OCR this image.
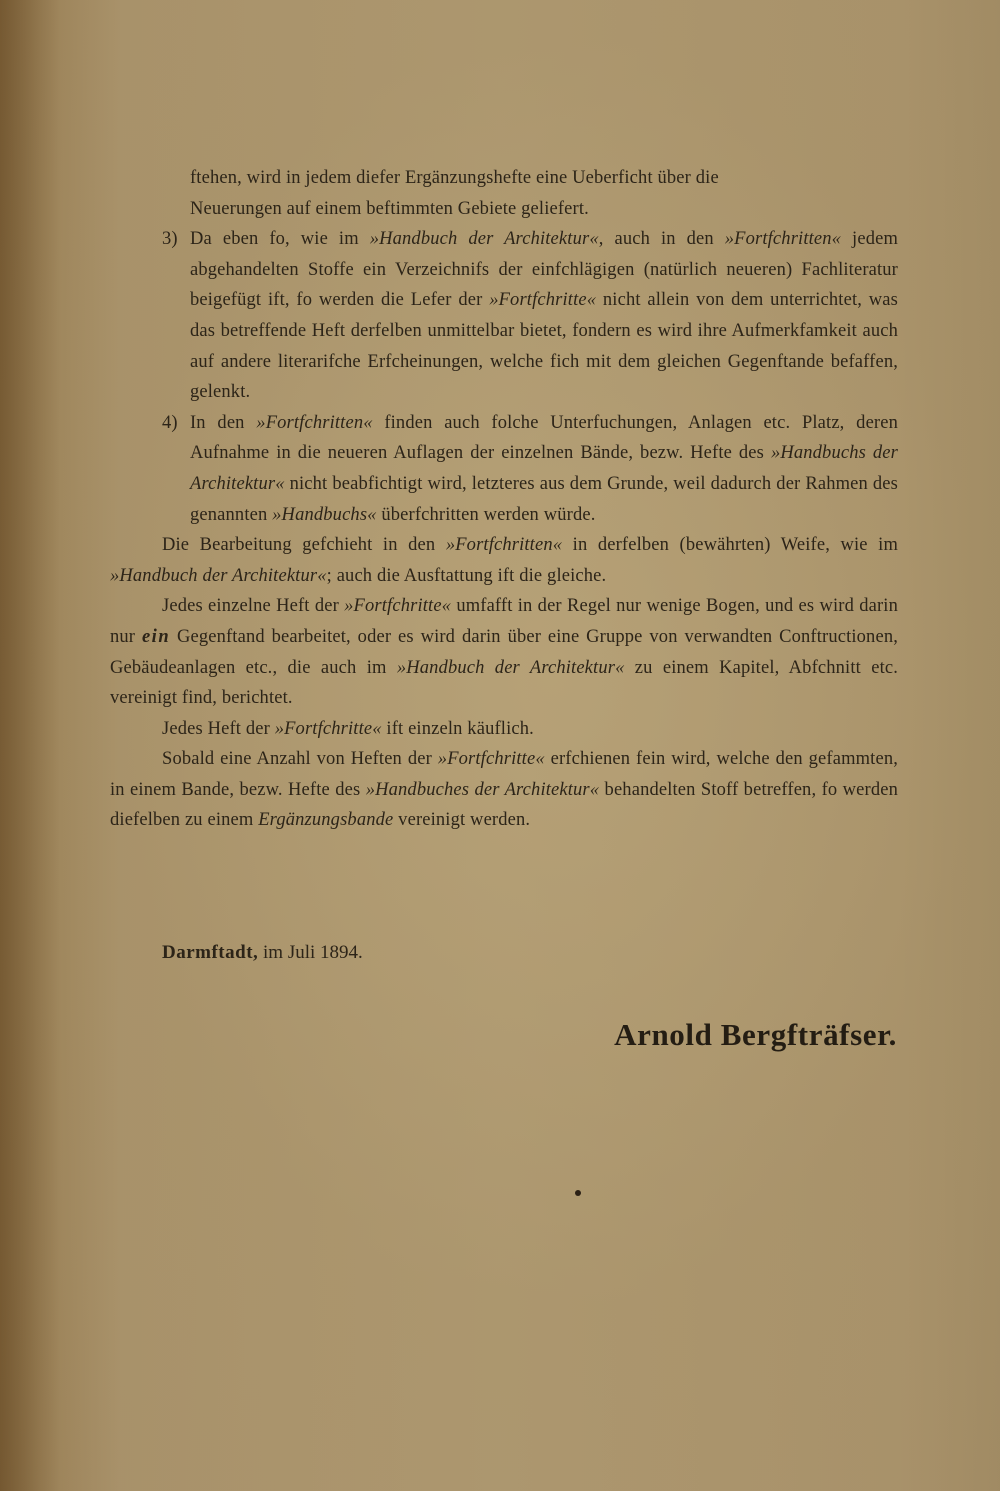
ftehen, wird in jedem diefer Ergänzungshefte eine Ueberficht über die
Neuerungen auf einem beftimmten Gebiete geliefert.

3) Da eben fo, wie im »Handbuch der Architektur«, auch in den »Fortfchritten« jedem abgehandelten Stoffe ein Verzeichnifs der einfchlägigen (natürlich neueren) Fachliteratur beigefügt ift, fo werden die Lefer der »Fortfchritte« nicht allein von dem unterrichtet, was das betreffende Heft derfelben unmittelbar bietet, fondern es wird ihre Aufmerkfamkeit auch auf andere literarifche Erfcheinungen, welche fich mit dem gleichen Gegenftande befaffen, gelenkt.

4) In den »Fortfchritten« finden auch folche Unterfuchungen, Anlagen etc. Platz, deren Aufnahme in die neueren Auflagen der einzelnen Bände, bezw. Hefte des »Handbuchs der Architektur« nicht beabfichtigt wird, letzteres aus dem Grunde, weil dadurch der Rahmen des genannten »Handbuchs« überfchritten werden würde.

Die Bearbeitung gefchieht in den »Fortfchritten« in derfelben (bewährten) Weife, wie im »Handbuch der Architektur«; auch die Ausftattung ift die gleiche.

Jedes einzelne Heft der »Fortfchritte« umfafft in der Regel nur wenige Bogen, und es wird darin nur ein Gegenftand bearbeitet, oder es wird darin über eine Gruppe von verwandten Conftructionen, Gebäudeanlagen etc., die auch im »Handbuch der Architektur« zu einem Kapitel, Abfchnitt etc. vereinigt find, berichtet.

Jedes Heft der »Fortfchritte« ift einzeln käuflich.

Sobald eine Anzahl von Heften der »Fortfchritte« erfchienen fein wird, welche den gefammten, in einem Bande, bezw. Hefte des »Handbuches der Architektur« behandelten Stoff betreffen, fo werden diefelben zu einem Ergänzungsbande vereinigt werden.

Darmftadt, im Juli 1894.
Arnold Bergfträfser.
